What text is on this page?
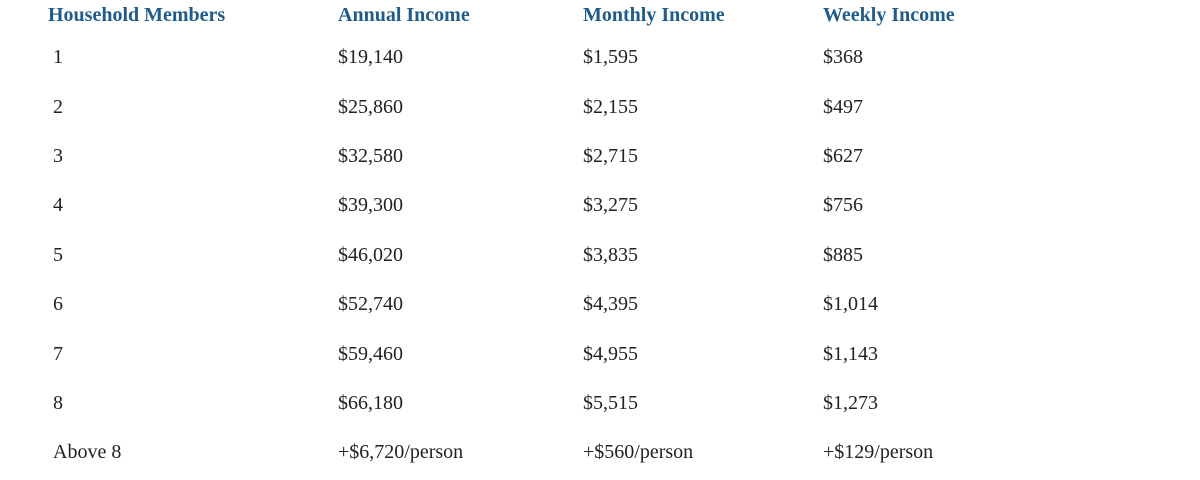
	Household Members	Annual Income	Monthly Income	Weekly Income
	1	$19,140	$1,595	$368
	2	$25,860	$2,155	$497
	3	$32,580	$2,715	$627
	4	$39,300	$3,275	$756
	5	$46,020	$3,835	$885
	6	$52,740	$4,395	$1,014
	7	$59,460	$4,955	$1,143
	8	$66,180	$5,515	$1,273
	Above 8	+$6,720/person	+$560/person	+$129/person
